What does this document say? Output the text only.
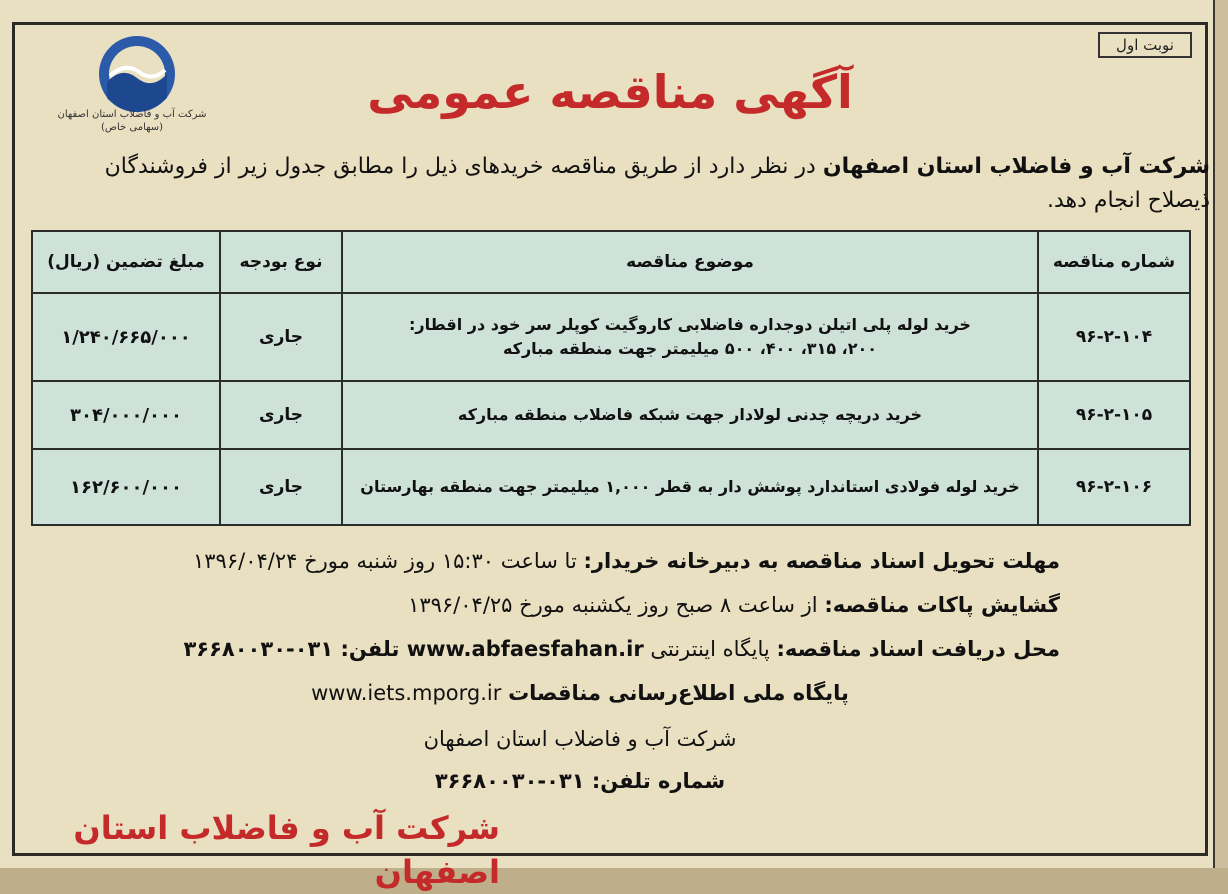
نوبت اول
آگهی مناقصه عمومی
شرکت آب و فاضلاب استان اصفهان
(سهامی خاص)
شرکت آب و فاضلاب استان اصفهان در نظر دارد از طریق مناقصه خریدهای ذیل را مطابق جدول زیر از فروشندگان ذیصلاح انجام دهد.
شماره مناقصه	موضوع مناقصه	نوع بودجه	مبلغ تضمین (ریال)
۹۶-۲-۱۰۴	خرید لوله پلی اتیلن دوجداره فاضلابی کاروگیت کوپلر سر خود در اقطار:
۲۰۰، ۳۱۵، ۴۰۰، ۵۰۰ میلیمتر جهت منطقه مبارکه	جاری	۱/۲۴۰/۶۶۵/۰۰۰
۹۶-۲-۱۰۵	خرید دریچه چدنی لولادار جهت شبکه فاضلاب منطقه مبارکه	جاری	۳۰۴/۰۰۰/۰۰۰
۹۶-۲-۱۰۶	خرید لوله فولادی استاندارد پوشش دار به قطر ۱,۰۰۰ میلیمتر جهت منطقه بهارستان	جاری	۱۶۲/۶۰۰/۰۰۰
مهلت تحویل اسناد مناقصه به دبیرخانه خریدار: تا ساعت ۱۵:۳۰ روز شنبه مورخ ۱۳۹۶/۰۴/۲۴
گشایش پاکات مناقصه: از ساعت ۸ صبح روز یکشنبه مورخ ۱۳۹۶/۰۴/۲۵
محل دریافت اسناد مناقصه: پایگاه اینترنتی www.abfaesfahan.ir تلفن: ۰۳۱-۳۶۶۸۰۰۳۰
پایگاه ملی اطلاع‌رسانی مناقصات www.iets.mporg.ir
شرکت آب و فاضلاب استان اصفهان
شماره تلفن: ۰۳۱-۳۶۶۸۰۰۳۰
شرکت آب و فاضلاب استان اصفهان
